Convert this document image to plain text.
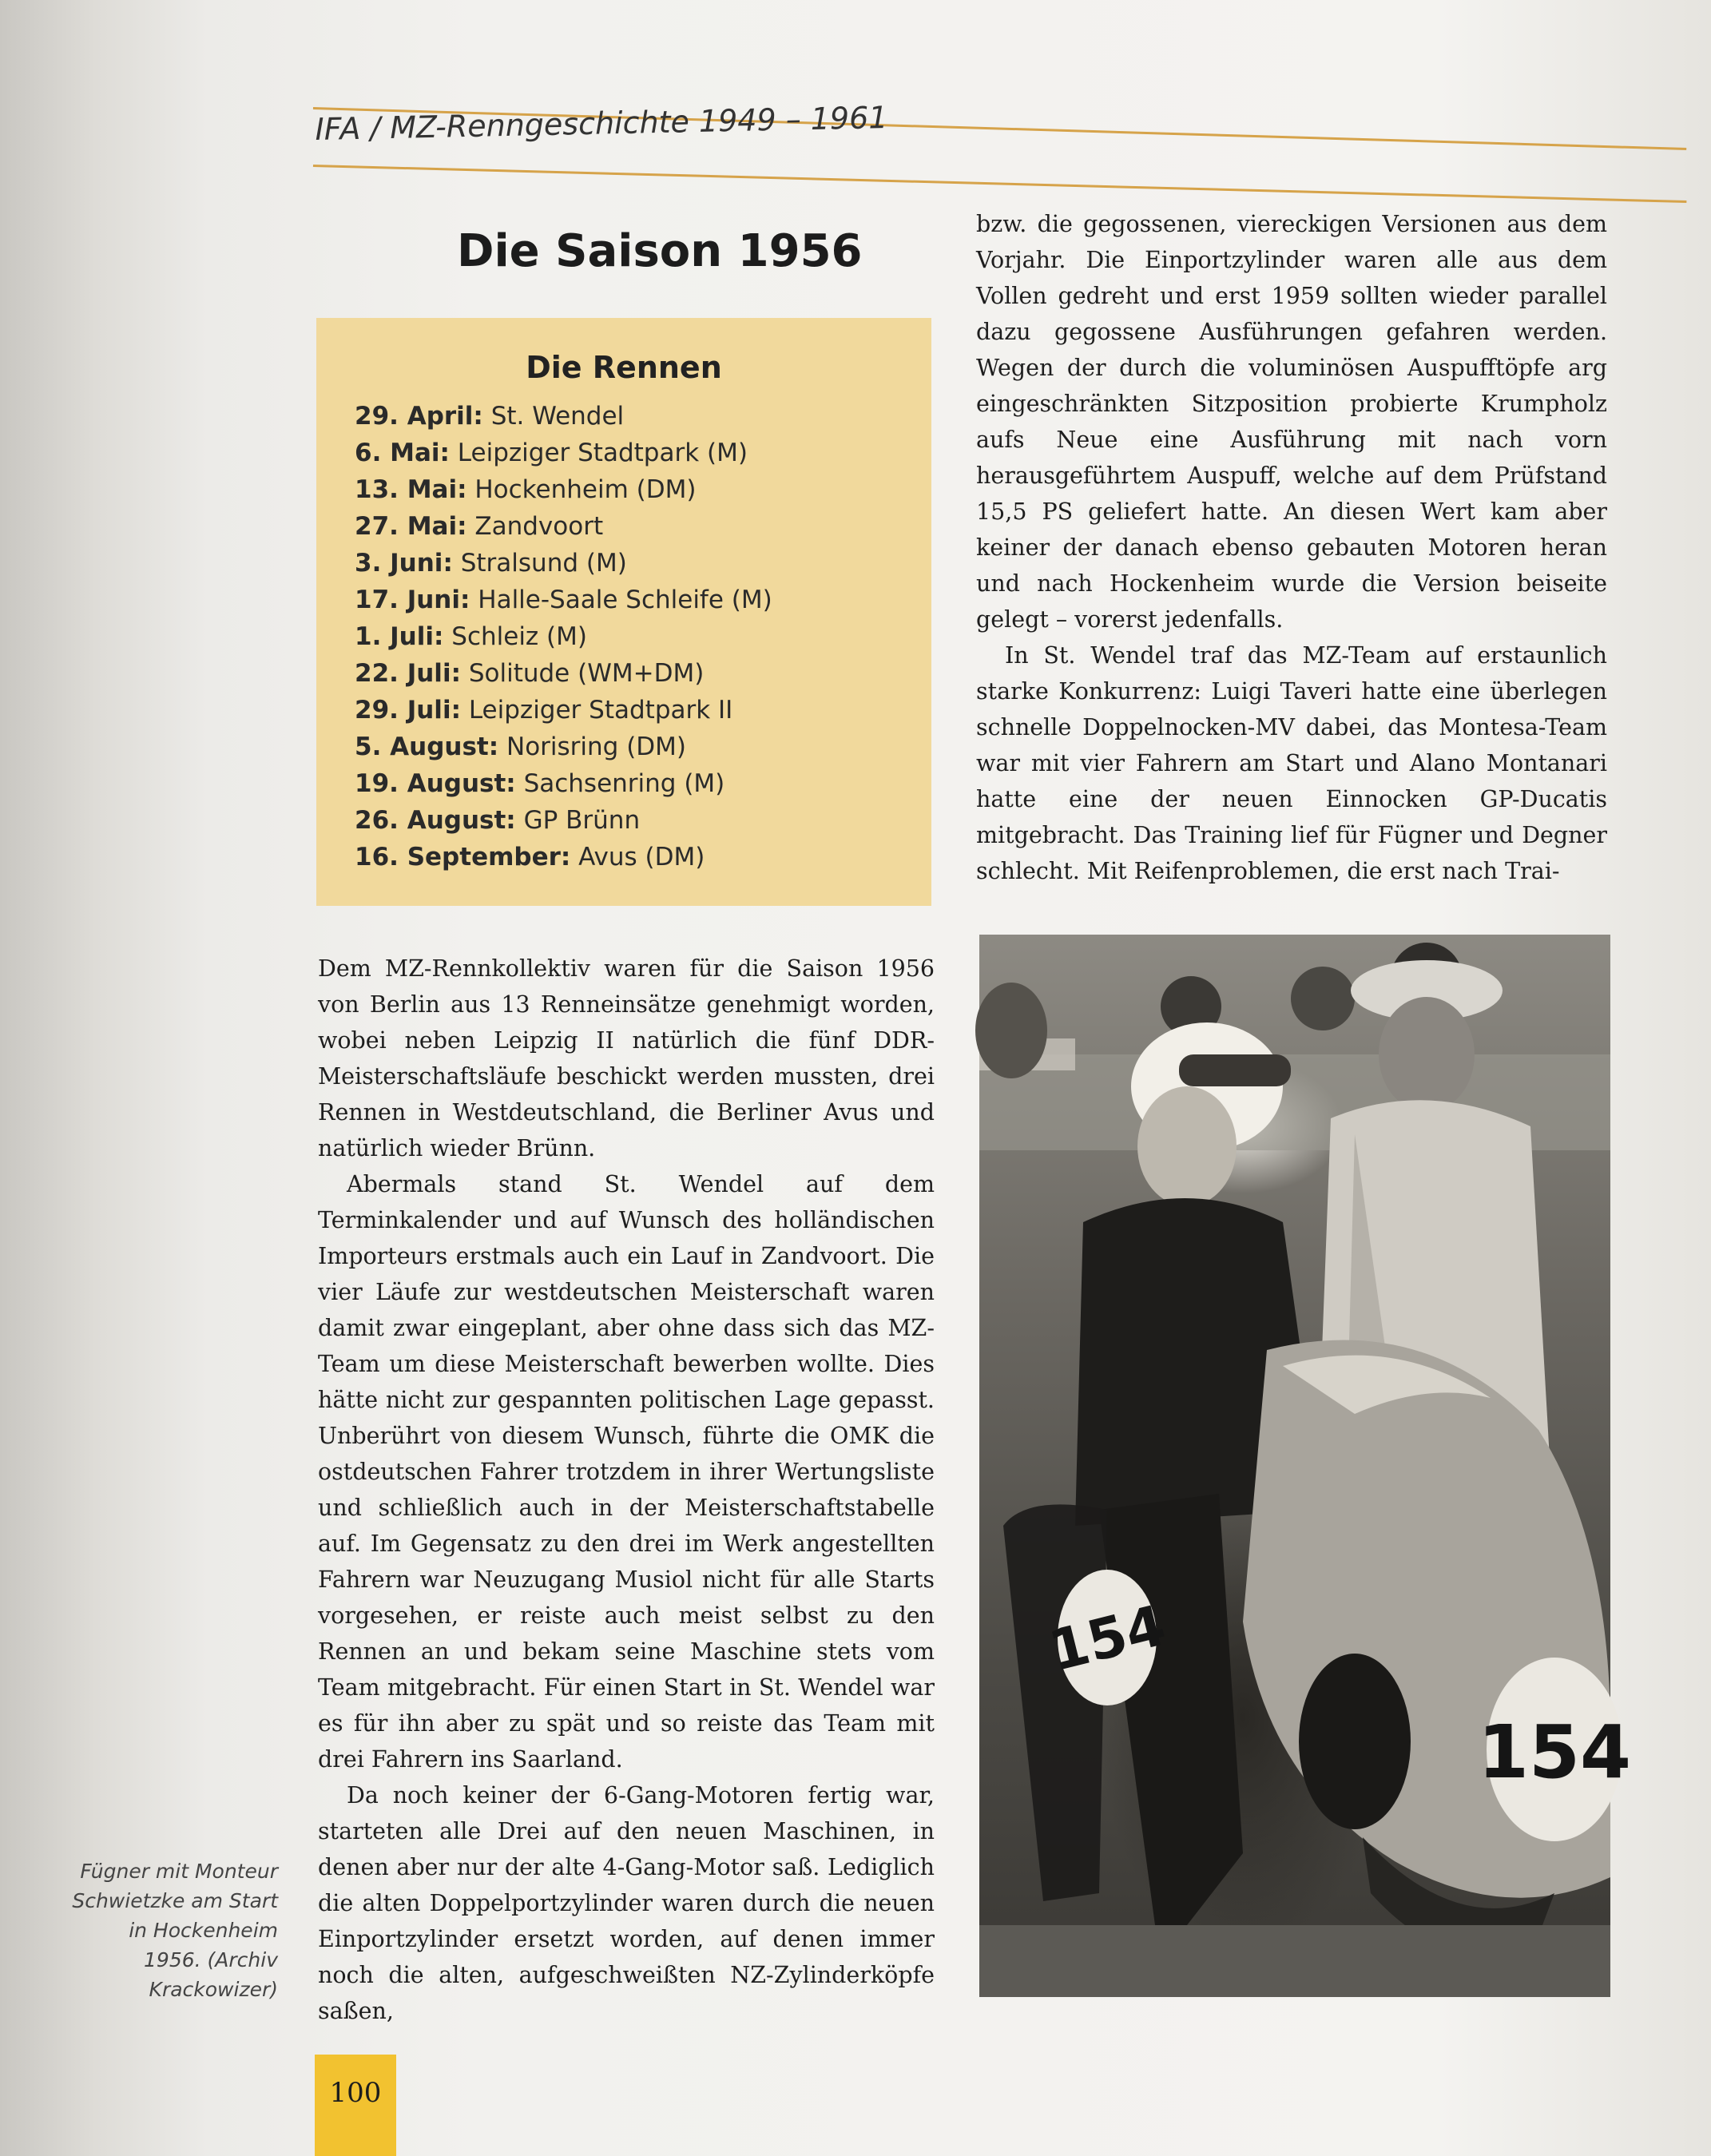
IFA / MZ-Renngeschichte 1949 – 1961
Die Saison 1956
Die Rennen
29. April: St. Wendel
6. Mai: Leipziger Stadtpark (M)
13. Mai: Hockenheim (DM)
27. Mai: Zandvoort
3. Juni: Stralsund (M)
17. Juni: Halle-Saale Schleife (M)
1. Juli: Schleiz (M)
22. Juli: Solitude (WM+DM)
29. Juli: Leipziger Stadtpark II
5. August: Norisring (DM)
19. August: Sachsenring (M)
26. August: GP Brünn
16. September: Avus (DM)

Dem MZ-Rennkollektiv waren für die Saison 1956 von Berlin aus 13 Renneinsätze genehmigt worden, wobei neben Leipzig II natürlich die fünf DDR-Meisterschaftsläufe beschickt werden mussten, drei Rennen in Westdeutschland, die Berliner Avus und natürlich wieder Brünn.

Abermals stand St. Wendel auf dem Terminkalender und auf Wunsch des holländischen Importeurs erstmals auch ein Lauf in Zandvoort. Die vier Läufe zur westdeutschen Meisterschaft waren damit zwar eingeplant, aber ohne dass sich das MZ-Team um diese Meisterschaft bewerben wollte. Dies hätte nicht zur gespannten politischen Lage gepasst. Unberührt von diesem Wunsch, führte die OMK die ostdeutschen Fahrer trotzdem in ihrer Wertungsliste und schließlich auch in der Meisterschaftstabelle auf. Im Gegensatz zu den drei im Werk angestellten Fahrern war Neuzugang Musiol nicht für alle Starts vorgesehen, er reiste auch meist selbst zu den Rennen an und bekam seine Maschine stets vom Team mitgebracht. Für einen Start in St. Wendel war es für ihn aber zu spät und so reiste das Team mit drei Fahrern ins Saarland.

Da noch keiner der 6-Gang-Motoren fertig war, starteten alle Drei auf den neuen Maschinen, in denen aber nur der alte 4-Gang-Motor saß. Lediglich die alten Doppelportzylinder waren durch die neuen Einportzylinder ersetzt worden, auf denen immer noch die alten, aufgeschweißten NZ-Zylinderköpfe saßen,

bzw. die gegossenen, viereckigen Versionen aus dem Vorjahr. Die Einportzylinder waren alle aus dem Vollen gedreht und erst 1959 sollten wieder parallel dazu gegossene Ausführungen gefahren werden. Wegen der durch die voluminösen Auspufftöpfe arg eingeschränkten Sitzposition probierte Krumpholz aufs Neue eine Ausführung mit nach vorn herausgeführtem Auspuff, welche auf dem Prüfstand 15,5 PS geliefert hatte. An diesen Wert kam aber keiner der danach ebenso gebauten Motoren heran und nach Hockenheim wurde die Version beiseite gelegt – vorerst jedenfalls.

In St. Wendel traf das MZ-Team auf erstaunlich starke Konkurrenz: Luigi Taveri hatte eine überlegen schnelle Doppelnocken-MV dabei, das Montesa-Team war mit vier Fahrern am Start und Alano Montanari hatte eine der neuen Einnocken GP-Ducatis mitgebracht. Das Training lief für Fügner und Degner schlecht. Mit Reifenproblemen, die erst nach Trai-

154
154
Fügner mit Monteur Schwietzke am Start in Hockenheim 1956. (Archiv Krackowizer)
100
